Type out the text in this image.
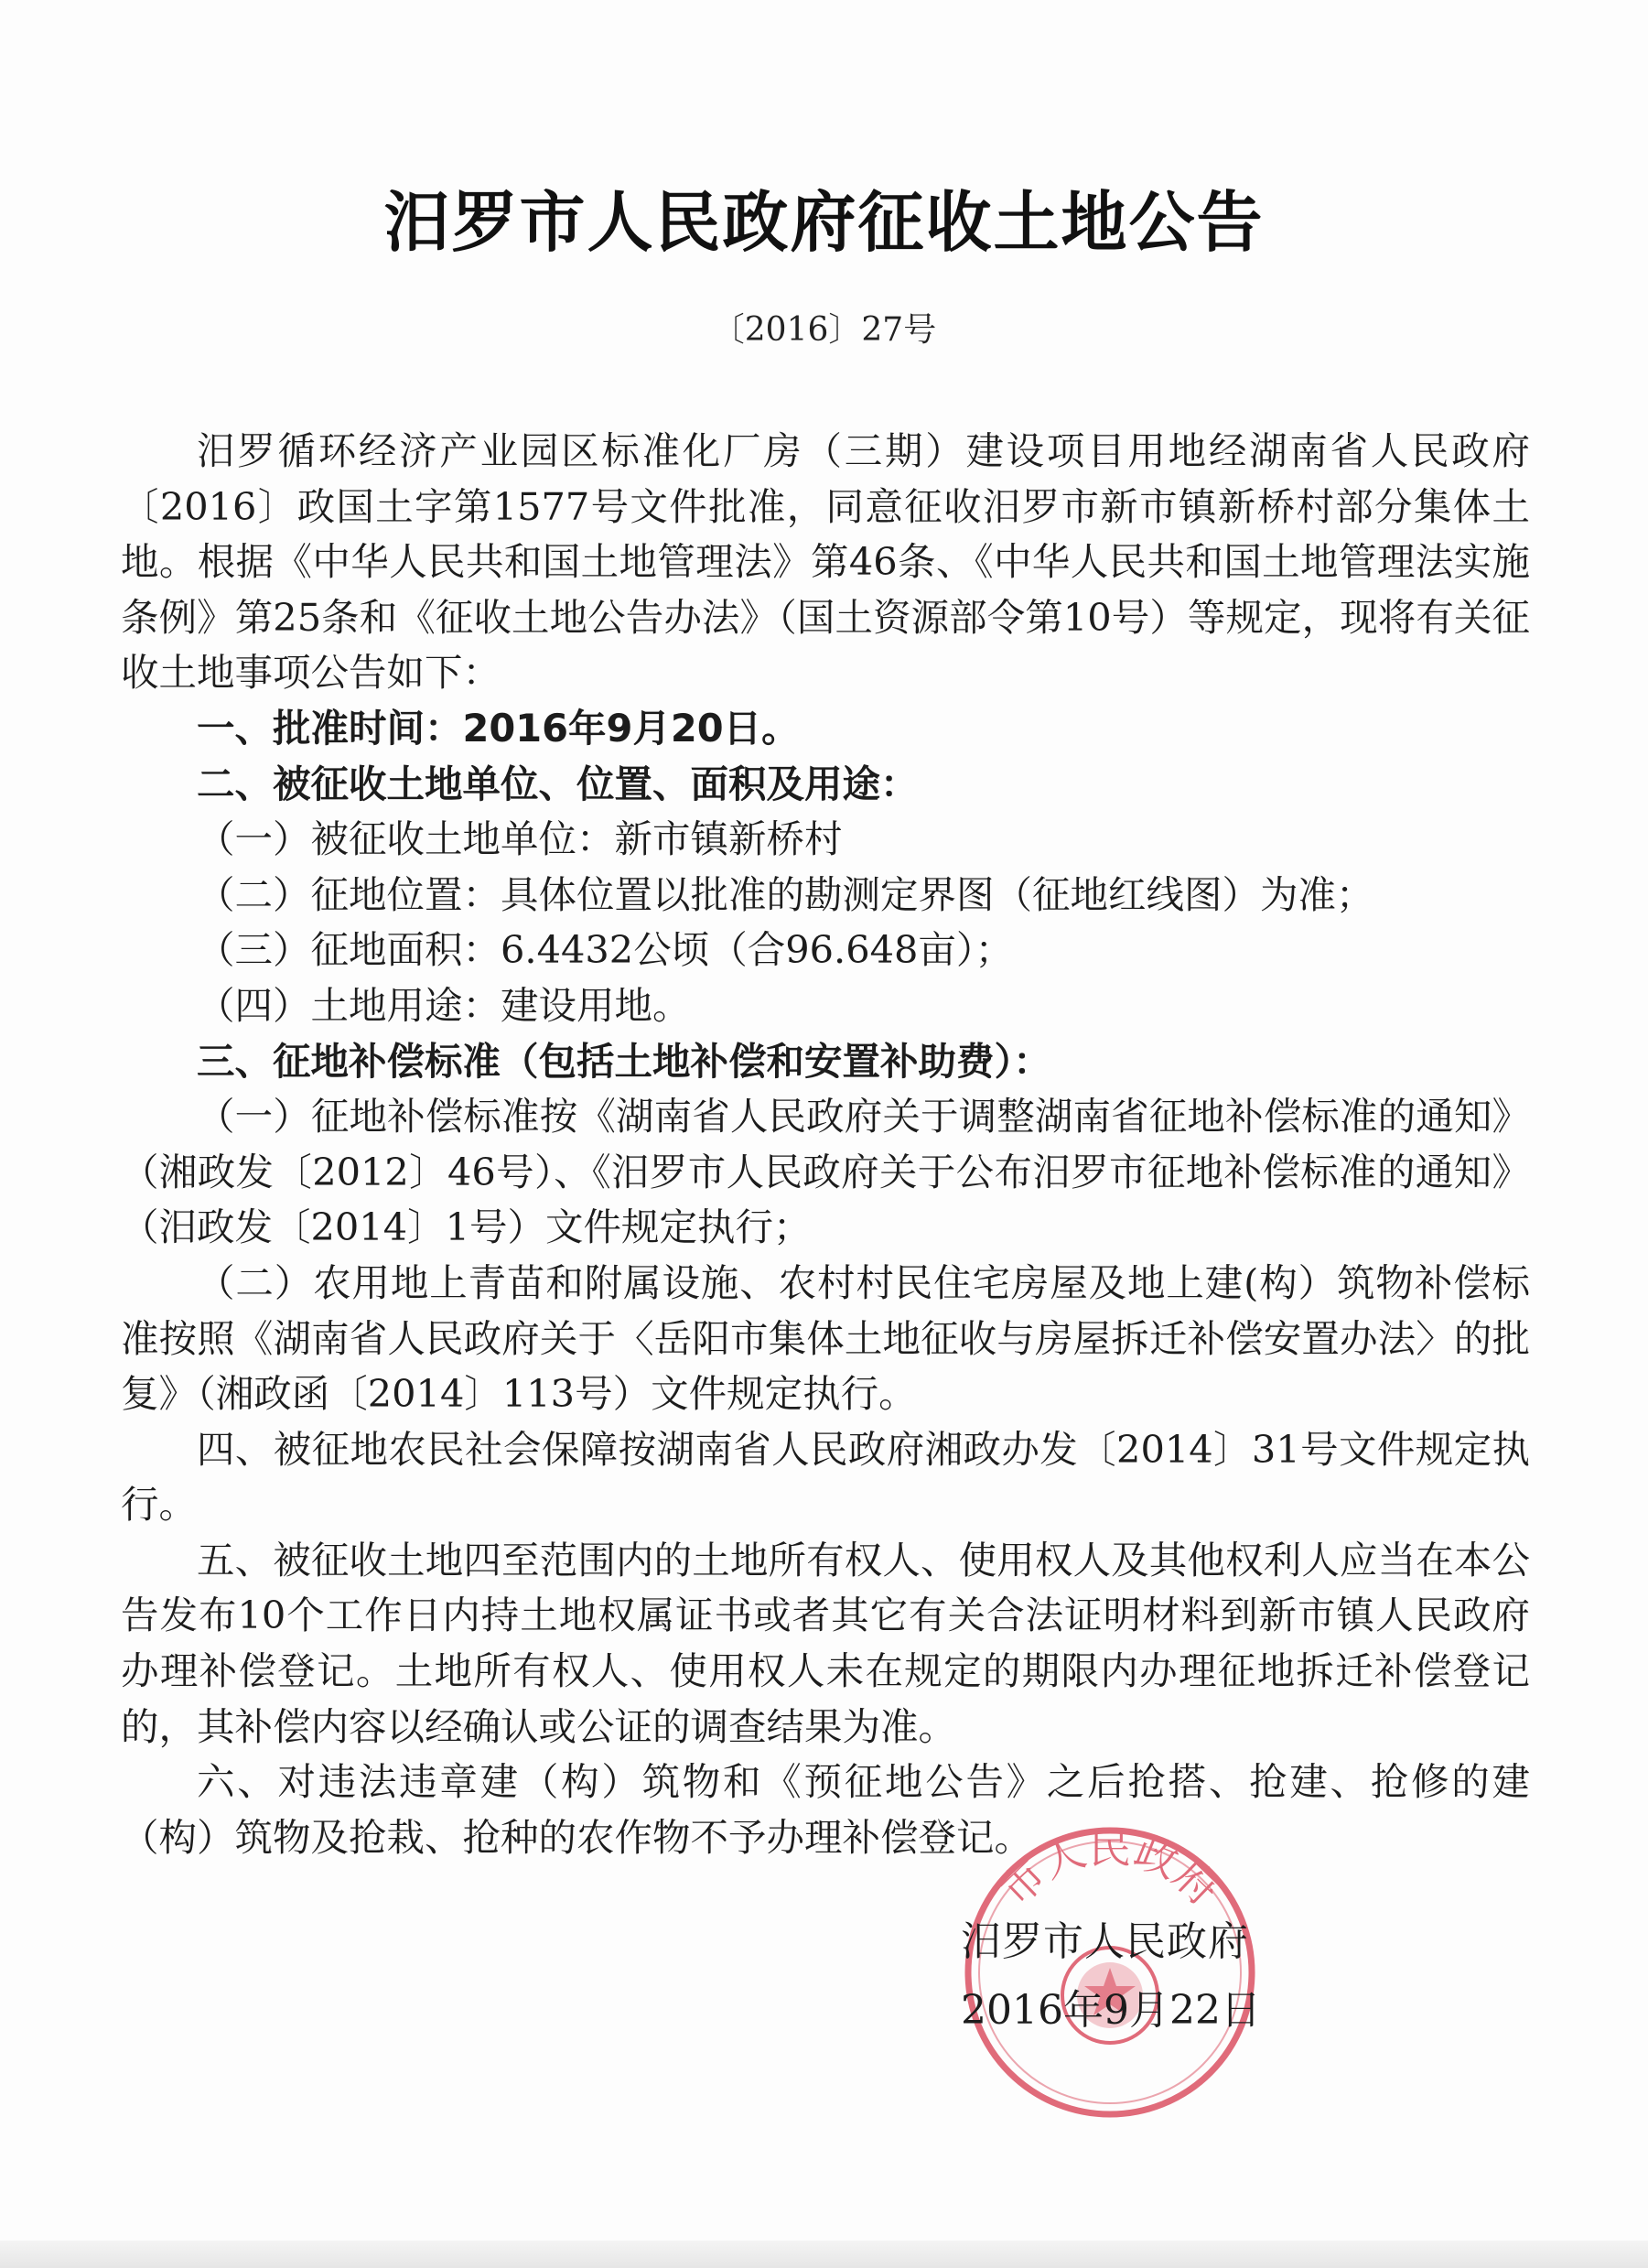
汨罗市人民政府征收土地公告
〔2016〕27号

汨罗循环经济产业园区标准化厂房（三期）建设项目用地经湖南省人民政府〔2016〕政国土字第1577号文件批准，同意征收汨罗市新市镇新桥村部分集体土地。根据《中华人民共和国土地管理法》第46条、《中华人民共和国土地管理法实施条例》第25条和《征收土地公告办法》（国土资源部令第10号）等规定，现将有关征收土地事项公告如下：

一、批准时间：2016年9月20日。

二、被征收土地单位、位置、面积及用途：

（一）被征收土地单位：新市镇新桥村

（二）征地位置：具体位置以批准的勘测定界图（征地红线图）为准；

（三）征地面积：6.4432公顷（合96.648亩）；

（四）土地用途：建设用地。

三、征地补偿标准（包括土地补偿和安置补助费）：

（一）征地补偿标准按《湖南省人民政府关于调整湖南省征地补偿标准的通知》（湘政发〔2012〕46号）、《汨罗市人民政府关于公布汨罗市征地补偿标准的通知》（汨政发〔2014〕1号）文件规定执行；

（二）农用地上青苗和附属设施、农村村民住宅房屋及地上建(构）筑物补偿标准按照《湖南省人民政府关于〈岳阳市集体土地征收与房屋拆迁补偿安置办法〉的批复》（湘政函〔2014〕113号）文件规定执行。

四、被征地农民社会保障按湖南省人民政府湘政办发〔2014〕31号文件规定执行。

五、被征收土地四至范围内的土地所有权人、使用权人及其他权利人应当在本公告发布10个工作日内持土地权属证书或者其它有关合法证明材料到新市镇人民政府办理补偿登记。土地所有权人、使用权人未在规定的期限内办理征地拆迁补偿登记的，其补偿内容以经确认或公证的调查结果为准。

六、对违法违章建（构）筑物和《预征地公告》之后抢搭、抢建、抢修的建（构）筑物及抢栽、抢种的农作物不予办理补偿登记。

市人民政府
汨罗市人民政府
2016年9月22日
